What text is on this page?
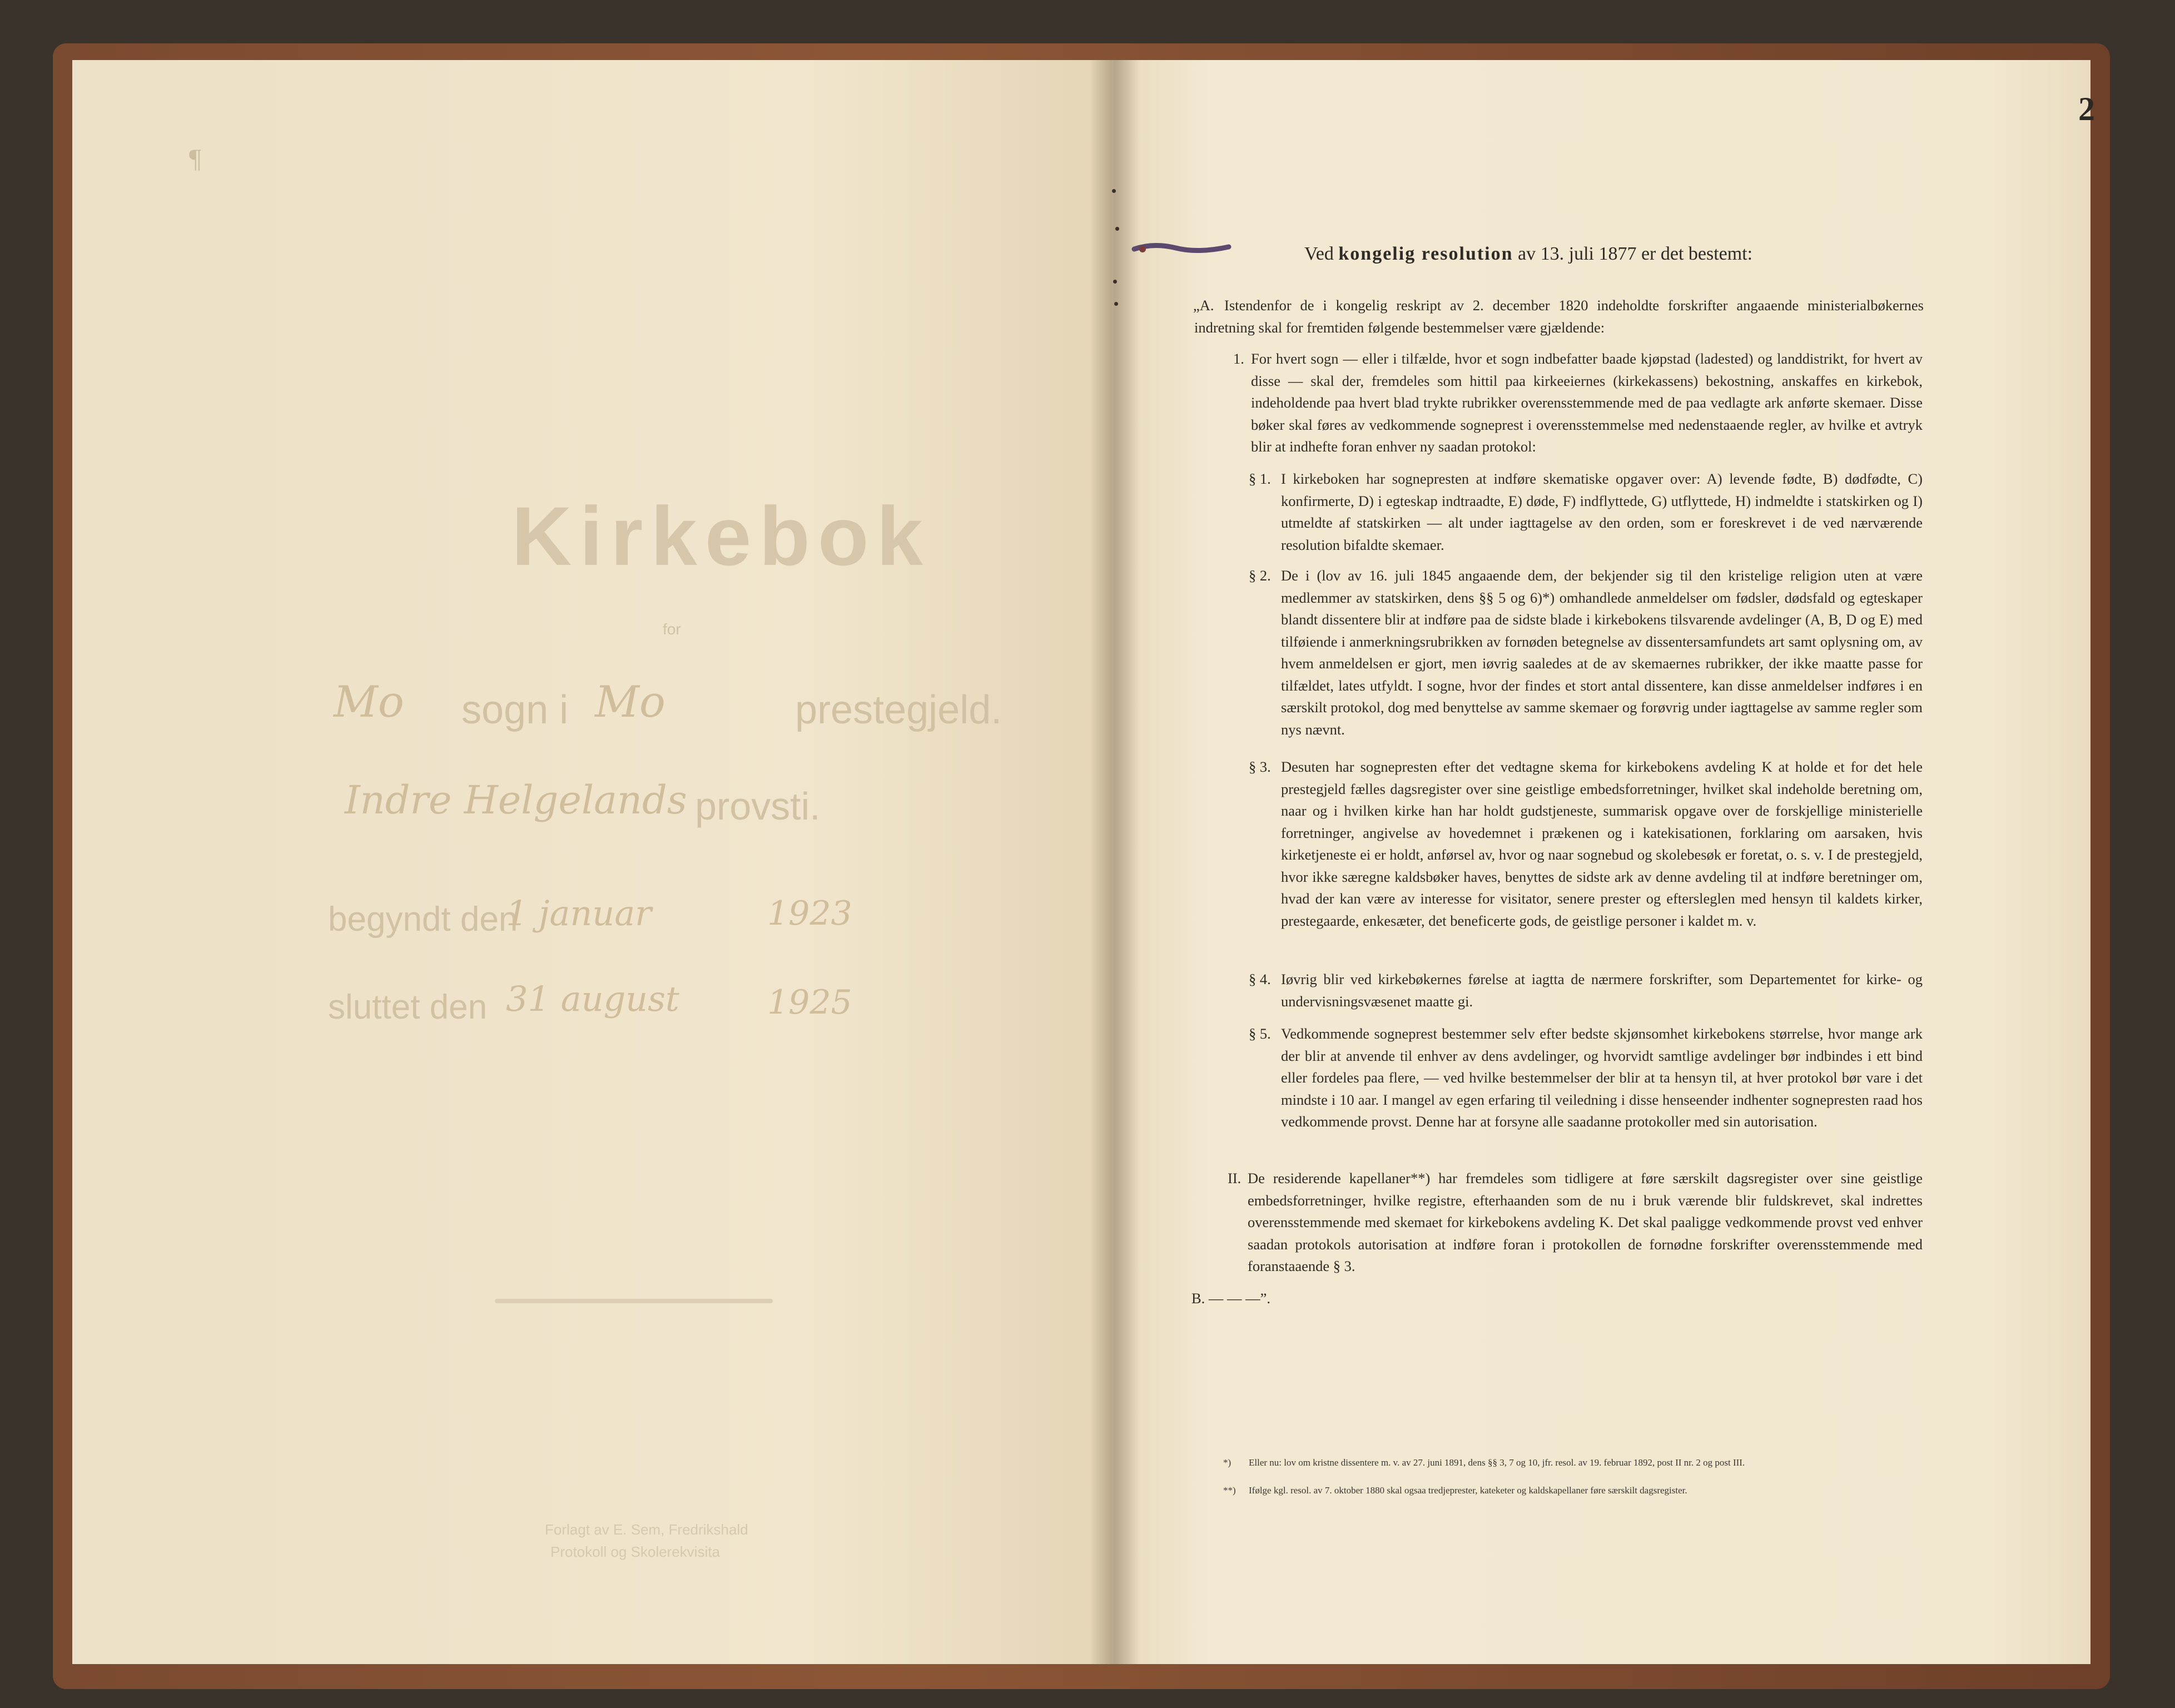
¶
Kirkebok
for
Mo sogn i Mo	prestegjeld.
Indre Helgelands provsti.
begyndt den
1 januar	1923
sluttet den 31 august	1925
Forlagt av E. Sem, Fredrikshald
Protokoll og Skolerekvisita
2
Ved kongelig resolution av 13. juli 1877 er det bestemt:
„A. Istendenfor de i kongelig reskript av 2. december 1820 indeholdte forskrifter angaaende ministerialbøkernes indretning skal for fremtiden følgende bestemmelser være gjældende:

1. For hvert sogn — eller i tilfælde, hvor et sogn indbefatter baade kjøpstad (ladested) og landdistrikt, for hvert av disse — skal der, fremdeles som hittil paa kirkeeiernes (kirkekassens) bekostning, anskaffes en kirkebok, indeholdende paa hvert blad trykte rubrikker overensstemmende med de paa vedlagte ark anførte skemaer. Disse bøker skal føres av vedkommende sogneprest i overensstemmelse med nedenstaaende regler, av hvilke et avtryk blir at indhefte foran enhver ny saadan protokol:

§ 1. I kirkeboken har sognepresten at indføre skematiske opgaver over: A) levende fødte, B) dødfødte, C) konfirmerte, D) i egteskap indtraadte, E) døde, F) indflyttede, G) utflyttede, H) indmeldte i statskirken og I) utmeldte af statskirken — alt under iagttagelse av den orden, som er foreskrevet i de ved nærværende resolution bifaldte skemaer.

§ 2. De i (lov av 16. juli 1845 angaaende dem, der bekjender sig til den kristelige religion uten at være medlemmer av statskirken, dens §§ 5 og 6)*) omhandlede anmeldelser om fødsler, dødsfald og egteskaper blandt dissentere blir at indføre paa de sidste blade i kirkebokens tilsvarende avdelinger (A, B, D og E) med tilføiende i anmerkningsrubrikken av fornøden betegnelse av dissentersamfundets art samt oplysning om, av hvem anmeldelsen er gjort, men iøvrig saaledes at de av skemaernes rubrikker, der ikke maatte passe for tilfældet, lates utfyldt. I sogne, hvor der findes et stort antal dissentere, kan disse anmeldelser indføres i en særskilt protokol, dog med benyttelse av samme skemaer og forøvrig under iagttagelse av samme regler som nys nævnt.

§ 3. Desuten har sognepresten efter det vedtagne skema for kirkebokens avdeling K at holde et for det hele prestegjeld fælles dagsregister over sine geistlige embedsforretninger, hvilket skal indeholde beretning om, naar og i hvilken kirke han har holdt gudstjeneste, summarisk opgave over de forskjellige ministerielle forretninger, angivelse av hovedemnet i prækenen og i katekisationen, forklaring om aarsaken, hvis kirketjeneste ei er holdt, anførsel av, hvor og naar sognebud og skolebesøk er foretat, o. s. v. I de prestegjeld, hvor ikke særegne kaldsbøker haves, benyttes de sidste ark av denne avdeling til at indføre beretninger om, hvad der kan være av interesse for visitator, senere prester og eftersleglen med hensyn til kaldets kirker, prestegaarde, enkesæter, det beneficerte gods, de geistlige personer i kaldet m. v.

§ 4. Iøvrig blir ved kirkebøkernes førelse at iagtta de nærmere forskrifter, som Departementet for kirke- og undervisningsvæsenet maatte gi.

§ 5. Vedkommende sogneprest bestemmer selv efter bedste skjønsomhet kirkebokens størrelse, hvor mange ark der blir at anvende til enhver av dens avdelinger, og hvorvidt samtlige avdelinger bør indbindes i ett bind eller fordeles paa flere, — ved hvilke bestemmelser der blir at ta hensyn til, at hver protokol bør vare i det mindste i 10 aar. I mangel av egen erfaring til veiledning i disse henseender indhenter sognepresten raad hos vedkommende provst. Denne har at forsyne alle saadanne protokoller med sin autorisation.

II. De residerende kapellaner**) har fremdeles som tidligere at føre særskilt dagsregister over sine geistlige embedsforretninger, hvilke registre, efterhaanden som de nu i bruk værende blir fuldskrevet, skal indrettes overensstemmende med skemaet for kirkebokens avdeling K. Det skal paaligge vedkommende provst ved enhver saadan protokols autorisation at indføre foran i protokollen de fornødne forskrifter overensstemmende med foranstaaende § 3.

B. — — —”.
*)	Eller nu: lov om kristne dissentere m. v. av 27. juni 1891, dens §§ 3, 7 og 10, jfr. resol. av 19. februar 1892, post II nr. 2 og post III.

**)	Ifølge kgl. resol. av 7. oktober 1880 skal ogsaa tredjeprester, kateketer og kaldskapellaner føre særskilt dagsregister.
